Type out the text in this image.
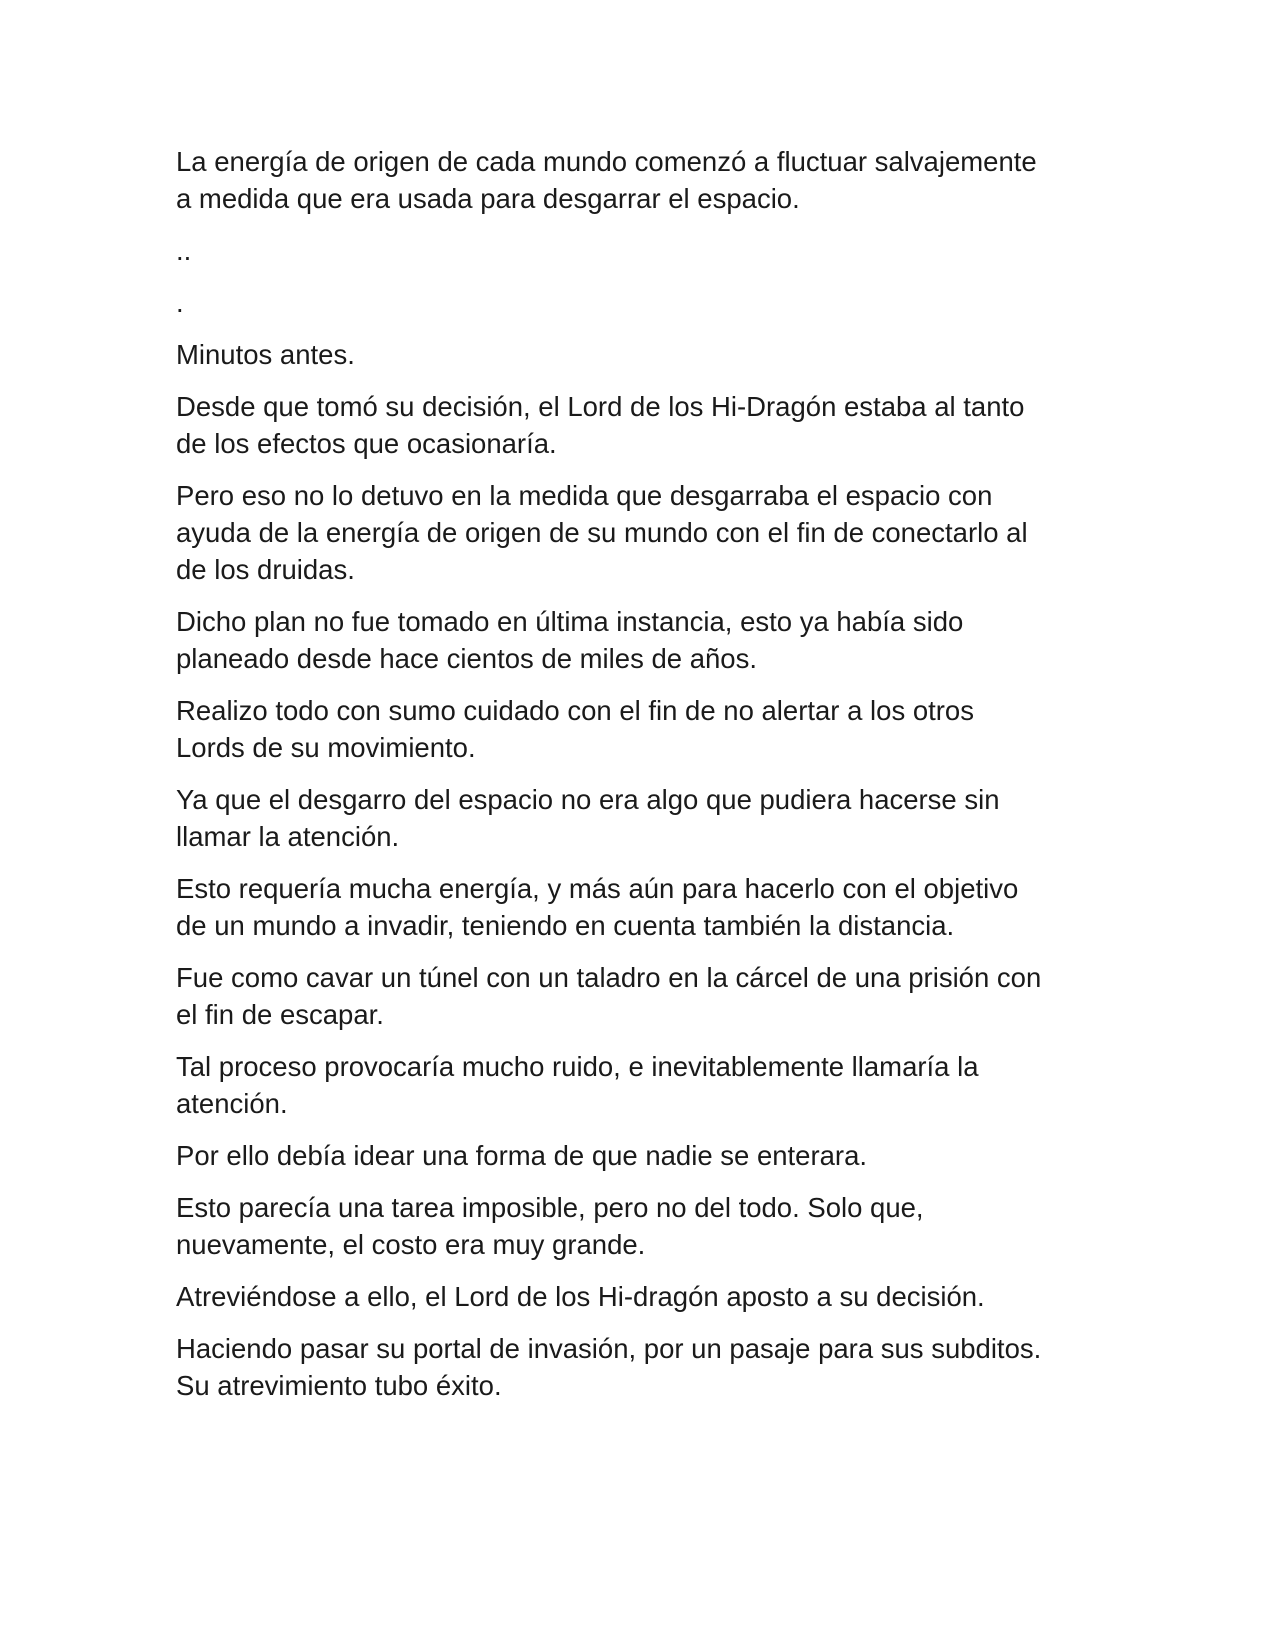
La energía de origen de cada mundo comenzó a fluctuar salvajemente
a medida que era usada para desgarrar el espacio.

..

.

Minutos antes.

Desde que tomó su decisión, el Lord de los Hi-Dragón estaba al tanto
de los efectos que ocasionaría.

Pero eso no lo detuvo en la medida que desgarraba el espacio con
ayuda de la energía de origen de su mundo con el fin de conectarlo al
de los druidas.

Dicho plan no fue tomado en última instancia, esto ya había sido
planeado desde hace cientos de miles de años.

Realizo todo con sumo cuidado con el fin de no alertar a los otros
Lords de su movimiento.

Ya que el desgarro del espacio no era algo que pudiera hacerse sin
llamar la atención.

Esto requería mucha energía, y más aún para hacerlo con el objetivo
de un mundo a invadir, teniendo en cuenta también la distancia.

Fue como cavar un túnel con un taladro en la cárcel de una prisión con
el fin de escapar.

Tal proceso provocaría mucho ruido, e inevitablemente llamaría la
atención.

Por ello debía idear una forma de que nadie se enterara.

Esto parecía una tarea imposible, pero no del todo. Solo que,
nuevamente, el costo era muy grande.

Atreviéndose a ello, el Lord de los Hi-dragón aposto a su decisión.

Haciendo pasar su portal de invasión, por un pasaje para sus subditos.
Su atrevimiento tubo éxito.
